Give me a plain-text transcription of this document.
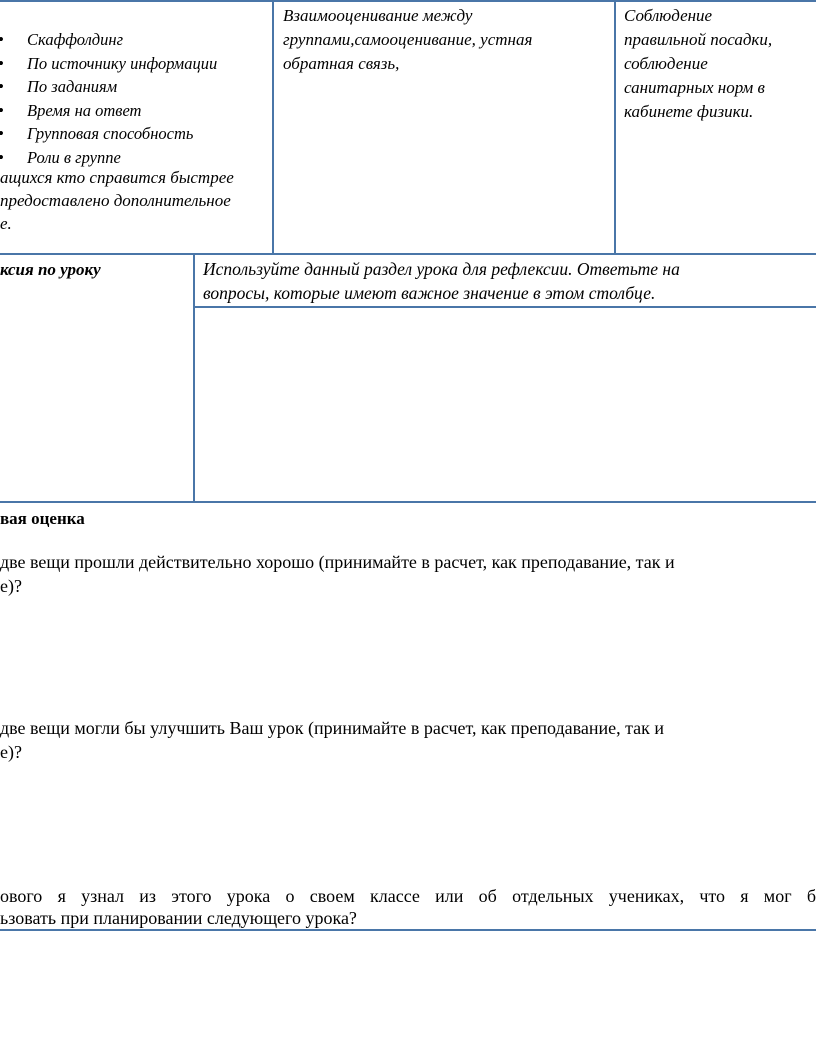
• Скаффолдинг
• По источнику информации
• По заданиям
• Время на ответ
• Групповая способность
• Роли в группе
ащихся кто справится быстрее
предоставлено дополнительное
е.
Взаимооценивание между
группами,самооценивание, устная
обратная связь,
Соблюдение
правильной посадки,
соблюдение
санитарных норм в
кабинете физики.
ксия по уроку	Используйте данный раздел урока для рефлексии. Ответьте на
вопросы, которые имеют важное значение в этом столбце.
вая оценка
две вещи прошли действительно хорошо (принимайте в расчет, как преподавание, так и
е)?
две вещи могли бы улучшить Ваш урок (принимайте в расчет, как преподавание, так и
е)?
ового я узнал из этого урока о своем классе или об отдельных учениках, что я мог б
ьзовать при планировании следующего урока?
